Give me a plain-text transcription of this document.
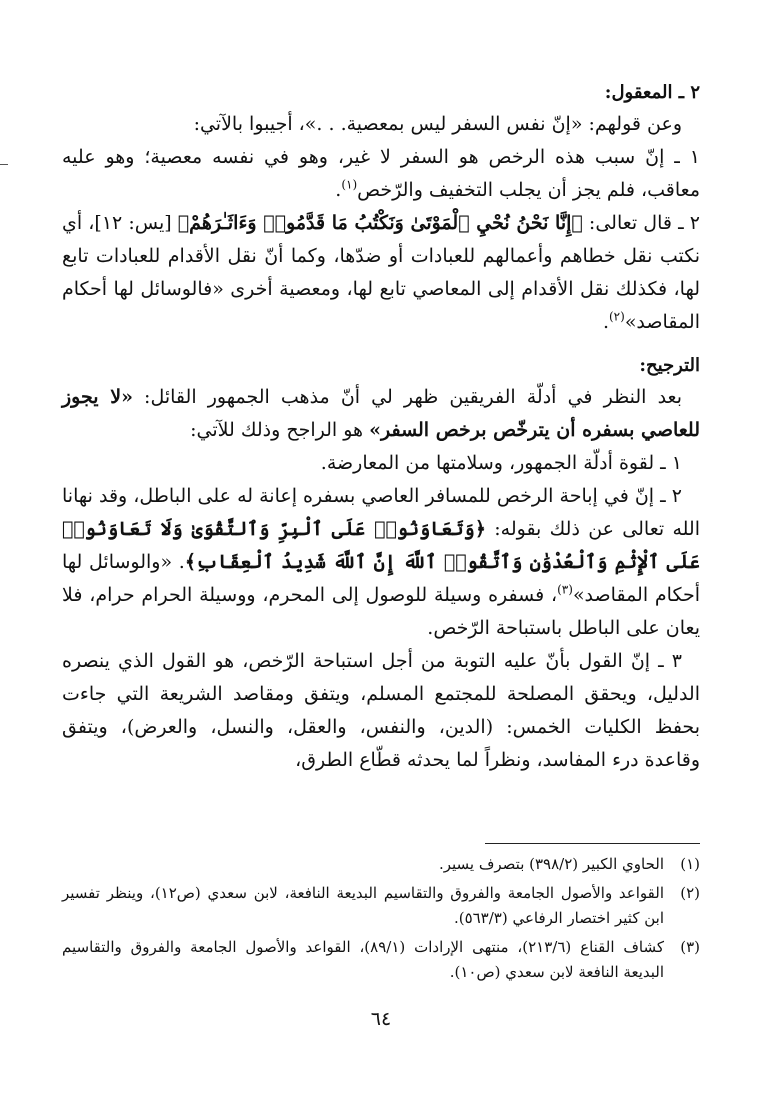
٢ ـ المعقول:

وعن قولهم: «إنّ نفس السفر ليس بمعصية. . .»، أجيبوا بالآتي:

١ ـ إنّ سبب هذه الرخص هو السفر لا غير، وهو في نفسه معصية؛ وهو عليه معاقب، فلم يجز أن يجلب التخفيف والرّخص$^{(١)}$.

٢ ـ قال تعالى: ﴿إِنَّا نَحْنُ نُحْيِ ٱلْمَوْتَىٰ وَنَكْتُبُ مَا قَدَّمُوا۟ وَءَاثَـٰرَهُمْ﴾ [يس: ١٢]، أي نكتب نقل خطاهم وأعمالهم للعبادات أو ضدّها، وكما أنّ نقل الأقدام للعبادات تابع لها، فكذلك نقل الأقدام إلى المعاصي تابع لها، ومعصية أخرى «فالوسائل لها أحكام المقاصد»$^{(٢)}$.

الترجيح:

بعد النظر في أدلّة الفريقين ظهر لي أنّ مذهب الجمهور القائل: «لا يجوز للعاصي بسفره أن يترخّص برخص السفر» هو الراجح وذلك للآتي:

١ ـ لقوة أدلّة الجمهور، وسلامتها من المعارضة.

٢ ـ إنّ في إباحة الرخص للمسافر العاصي بسفره إعانة له على الباطل، وقد نهانا الله تعالى عن ذلك بقوله: ﴿وَتَعَاوَنُوا۟ عَلَى ٱلْبِرِّ وَٱلتَّقْوَىٰ وَلَا تَعَاوَنُوا۟ عَلَى ٱلْإِثْمِ وَٱلْعُدْوَٰنِ وَٱتَّقُوا۟ ٱللَّهَ إِنَّ ٱللَّهَ شَدِيدُ ٱلْعِقَابِ﴾. «والوسائل لها أحكام المقاصد»$^{(٣)}$، فسفره وسيلة للوصول إلى المحرم، ووسيلة الحرام حرام، فلا يعان على الباطل باستباحة الرّخص.

٣ ـ إنّ القول بأنّ عليه التوبة من أجل استباحة الرّخص، هو القول الذي ينصره الدليل، ويحقق المصلحة للمجتمع المسلم، ويتفق ومقاصد الشريعة التي جاءت بحفظ الكليات الخمس: (الدين، والنفس، والعقل، والنسل، والعرض)، ويتفق وقاعدة درء المفاسد، ونظراً لما يحدثه قطّاع الطرق،

(١)
الحاوي الكبير (٣٩٨/٢) بتصرف يسير.
(٢)
القواعد والأصول الجامعة والفروق والتقاسيم البديعة النافعة، لابن سعدي (ص١٢)، وينظر تفسير ابن كثير اختصار الرفاعي (٥٦٣/٣).
(٣)
كشاف القناع (٢١٣/٦)، منتهى الإرادات (٨٩/١)، القواعد والأصول الجامعة والفروق والتقاسيم البديعة النافعة لابن سعدي (ص١٠).
٦٤
